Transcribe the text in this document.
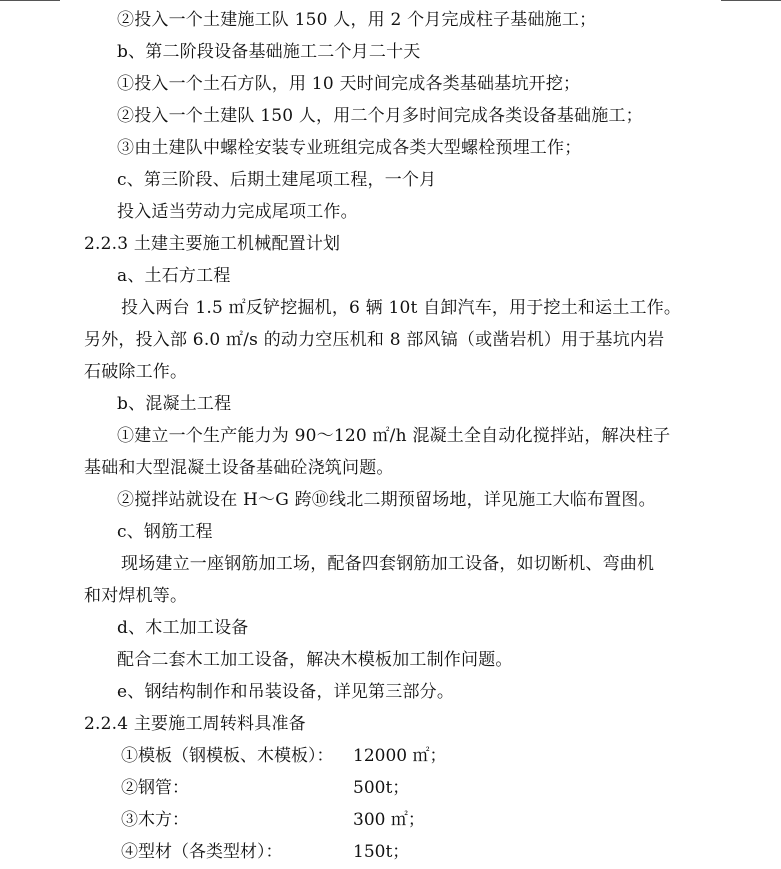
②投入一个土建施工队 150 人，用 2 个月完成柱子基础施工；
b、第二阶段设备基础施工二个月二十天
①投入一个土石方队，用 10 天时间完成各类基础基坑开挖；
②投入一个土建队 150 人，用二个月多时间完成各类设备基础施工；
③由土建队中螺栓安装专业班组完成各类大型螺栓预埋工作；
c、第三阶段、后期土建尾项工程，一个月
投入适当劳动力完成尾项工作。
2.2.3 土建主要施工机械配置计划
a、土石方工程
投入两台 1.5 ㎡反铲挖掘机，6 辆 10t 自卸汽车，用于挖土和运土工作。
另外，投入部 6.0 ㎡/s 的动力空压机和 8 部风镐（或凿岩机）用于基坑内岩
石破除工作。
b、混凝土工程
①建立一个生产能力为 90～120 ㎡/h 混凝土全自动化搅拌站，解决柱子
基础和大型混凝土设备基础砼浇筑问题。
②搅拌站就设在 H～G 跨⑩线北二期预留场地，详见施工大临布置图。
c、钢筋工程
现场建立一座钢筋加工场，配备四套钢筋加工设备，如切断机、弯曲机
和对焊机等。
d、木工加工设备
配合二套木工加工设备，解决木模板加工制作问题。
e、钢结构制作和吊装设备，详见第三部分。
2.2.4 主要施工周转料具准备
①模板（钢模板、木模板）： 12000 ㎡；
②钢管：	500t；
③木方：	300 ㎡；
④型材（各类型材）：	150t；
